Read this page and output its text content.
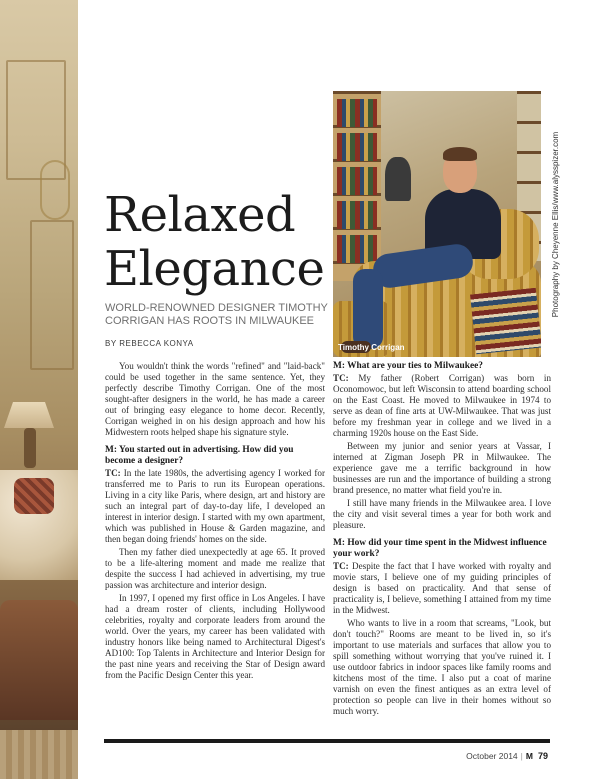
Relaxed
Elegance
WORLD-RENOWNED DESIGNER TIMOTHY CORRIGAN HAS ROOTS IN MILWAUKEE
BY REBECCA KONYA	Timothy Corrigan
Photography by Cheyenne Ellis/www.alysspizer.com

You wouldn't think the words "refined" and "laid-back" could be used together in the same sentence. Yet, they perfectly describe Timothy Corrigan. One of the most sought-after designers in the world, he has made a career out of bringing easy elegance to home decor. Recently, Corrigan weighed in on his design approach and how his Midwestern roots helped shape his signature style.

M: You started out in advertising. How did you become a designer?

TC: In the late 1980s, the advertising agency I worked for transferred me to Paris to run its European operations. Living in a city like Paris, where design, art and history are such an integral part of day-to-day life, I developed an interest in interior design. I started with my own apartment, which was published in House & Garden magazine, and then began doing friends' homes on the side.

Then my father died unexpectedly at age 65. It proved to be a life-altering moment and made me realize that despite the success I had achieved in advertising, my true passion was architecture and interior design.

In 1997, I opened my first office in Los Angeles. I have had a dream roster of clients, including Hollywood celebrities, royalty and corporate leaders from around the world. Over the years, my career has been validated with industry honors like being named to Architectural Digest's AD100: Top Talents in Architecture and Interior Design for the past nine years and receiving the Star of Design award from the Pacific Design Center this year.

M: What are your ties to Milwaukee?

TC: My father (Robert Corrigan) was born in Oconomowoc, but left Wisconsin to attend boarding school on the East Coast. He moved to Milwaukee in 1974 to serve as dean of fine arts at UW-Milwaukee. That was just before my freshman year in college and we lived in a charming 1920s house on the East Side.

Between my junior and senior years at Vassar, I interned at Zigman Joseph PR in Milwaukee. The experience gave me a terrific background in how businesses are run and the importance of building a strong brand presence, no matter what field you're in.

I still have many friends in the Milwaukee area. I love the city and visit several times a year for both work and pleasure.

M: How did your time spent in the Midwest influence your work?

TC: Despite the fact that I have worked with royalty and movie stars, I believe one of my guiding principles of design is based on practicality. And that sense of practicality is, I believe, something I attained from my time in the Midwest.

Who wants to live in a room that screams, "Look, but don't touch?" Rooms are meant to be lived in, so it's important to use materials and surfaces that allow you to spill something without worrying that you've ruined it. I use outdoor fabrics in indoor spaces like family rooms and kitchens most of the time. I also put a coat of marine varnish on even the finest antiques as an extra level of protection so people can live in their homes without so much worry.

October 2014 | M 79
